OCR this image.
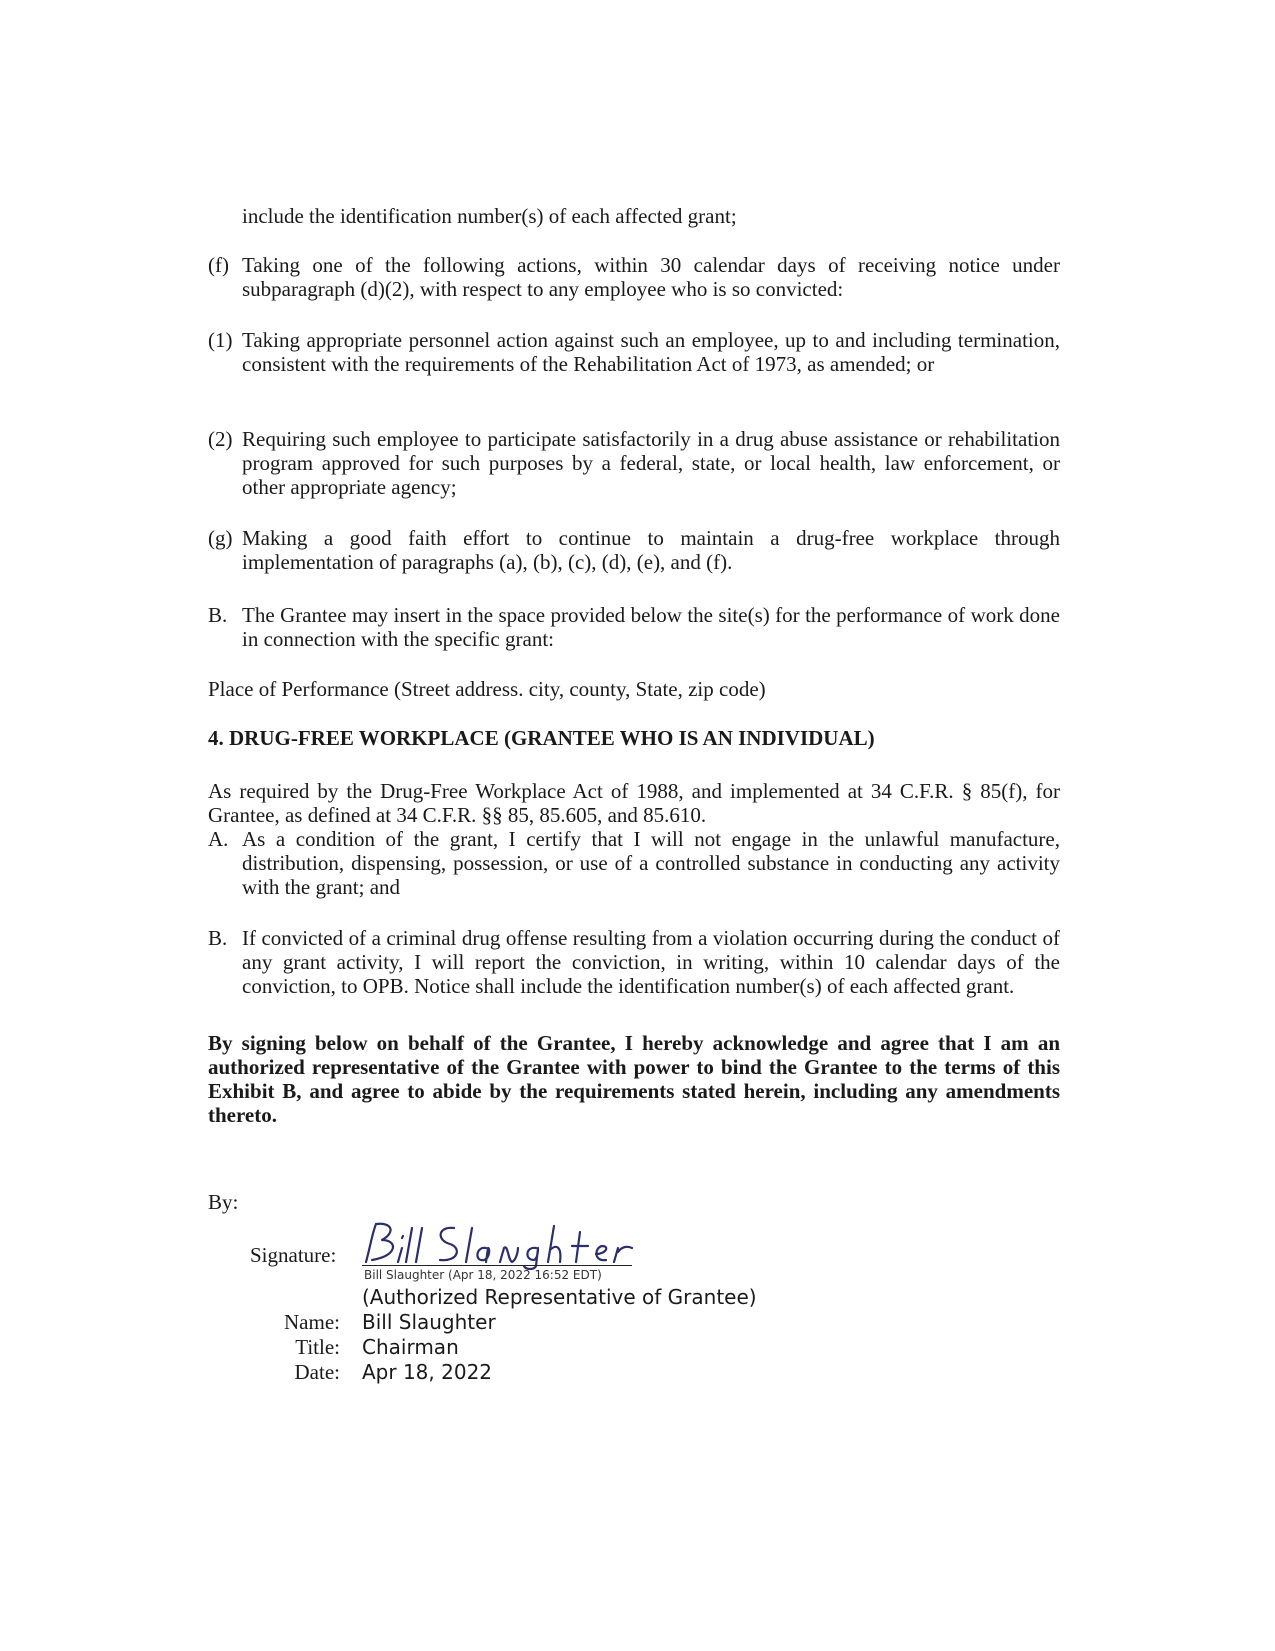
include the identification number(s) of each affected grant;

(f) Taking one of the following actions, within 30 calendar days of receiving notice under subparagraph (d)(2), with respect to any employee who is so convicted:
(1) Taking appropriate personnel action against such an employee, up to and including termination, consistent with the requirements of the Rehabilitation Act of 1973, as amended; or
(2) Requiring such employee to participate satisfactorily in a drug abuse assistance or rehabilitation program approved for such purposes by a federal, state, or local health, law enforcement, or other appropriate agency;
(g) Making a good faith effort to continue to maintain a drug-free workplace through implementation of paragraphs (a), (b), (c), (d), (e), and (f).
B. The Grantee may insert in the space provided below the site(s) for the performance of work done in connection with the specific grant:

Place of Performance (Street address. city, county, State, zip code)

4. DRUG-FREE WORKPLACE (GRANTEE WHO IS AN INDIVIDUAL)

As required by the Drug-Free Workplace Act of 1988, and implemented at 34 C.F.R. § 85(f), for Grantee, as defined at 34 C.F.R. §§ 85, 85.605, and 85.610.

A. As a condition of the grant, I certify that I will not engage in the unlawful manufacture, distribution, dispensing, possession, or use of a controlled substance in conducting any activity with the grant; and
B. If convicted of a criminal drug offense resulting from a violation occurring during the conduct of any grant activity, I will report the conviction, in writing, within 10 calendar days of the conviction, to OPB. Notice shall include the identification number(s) of each affected grant.
By signing below on behalf of the Grantee, I hereby acknowledge and agree that I am an authorized representative of the Grantee with power to bind the Grantee to the terms of this Exhibit B, and agree to abide by the requirements stated herein, including any amendments thereto.
By:
Signature:
Bill Slaughter (Apr 18, 2022 16:52 EDT)
(Authorized Representative of Grantee)
Name: Bill Slaughter
Title: Chairman
Date: Apr 18, 2022
